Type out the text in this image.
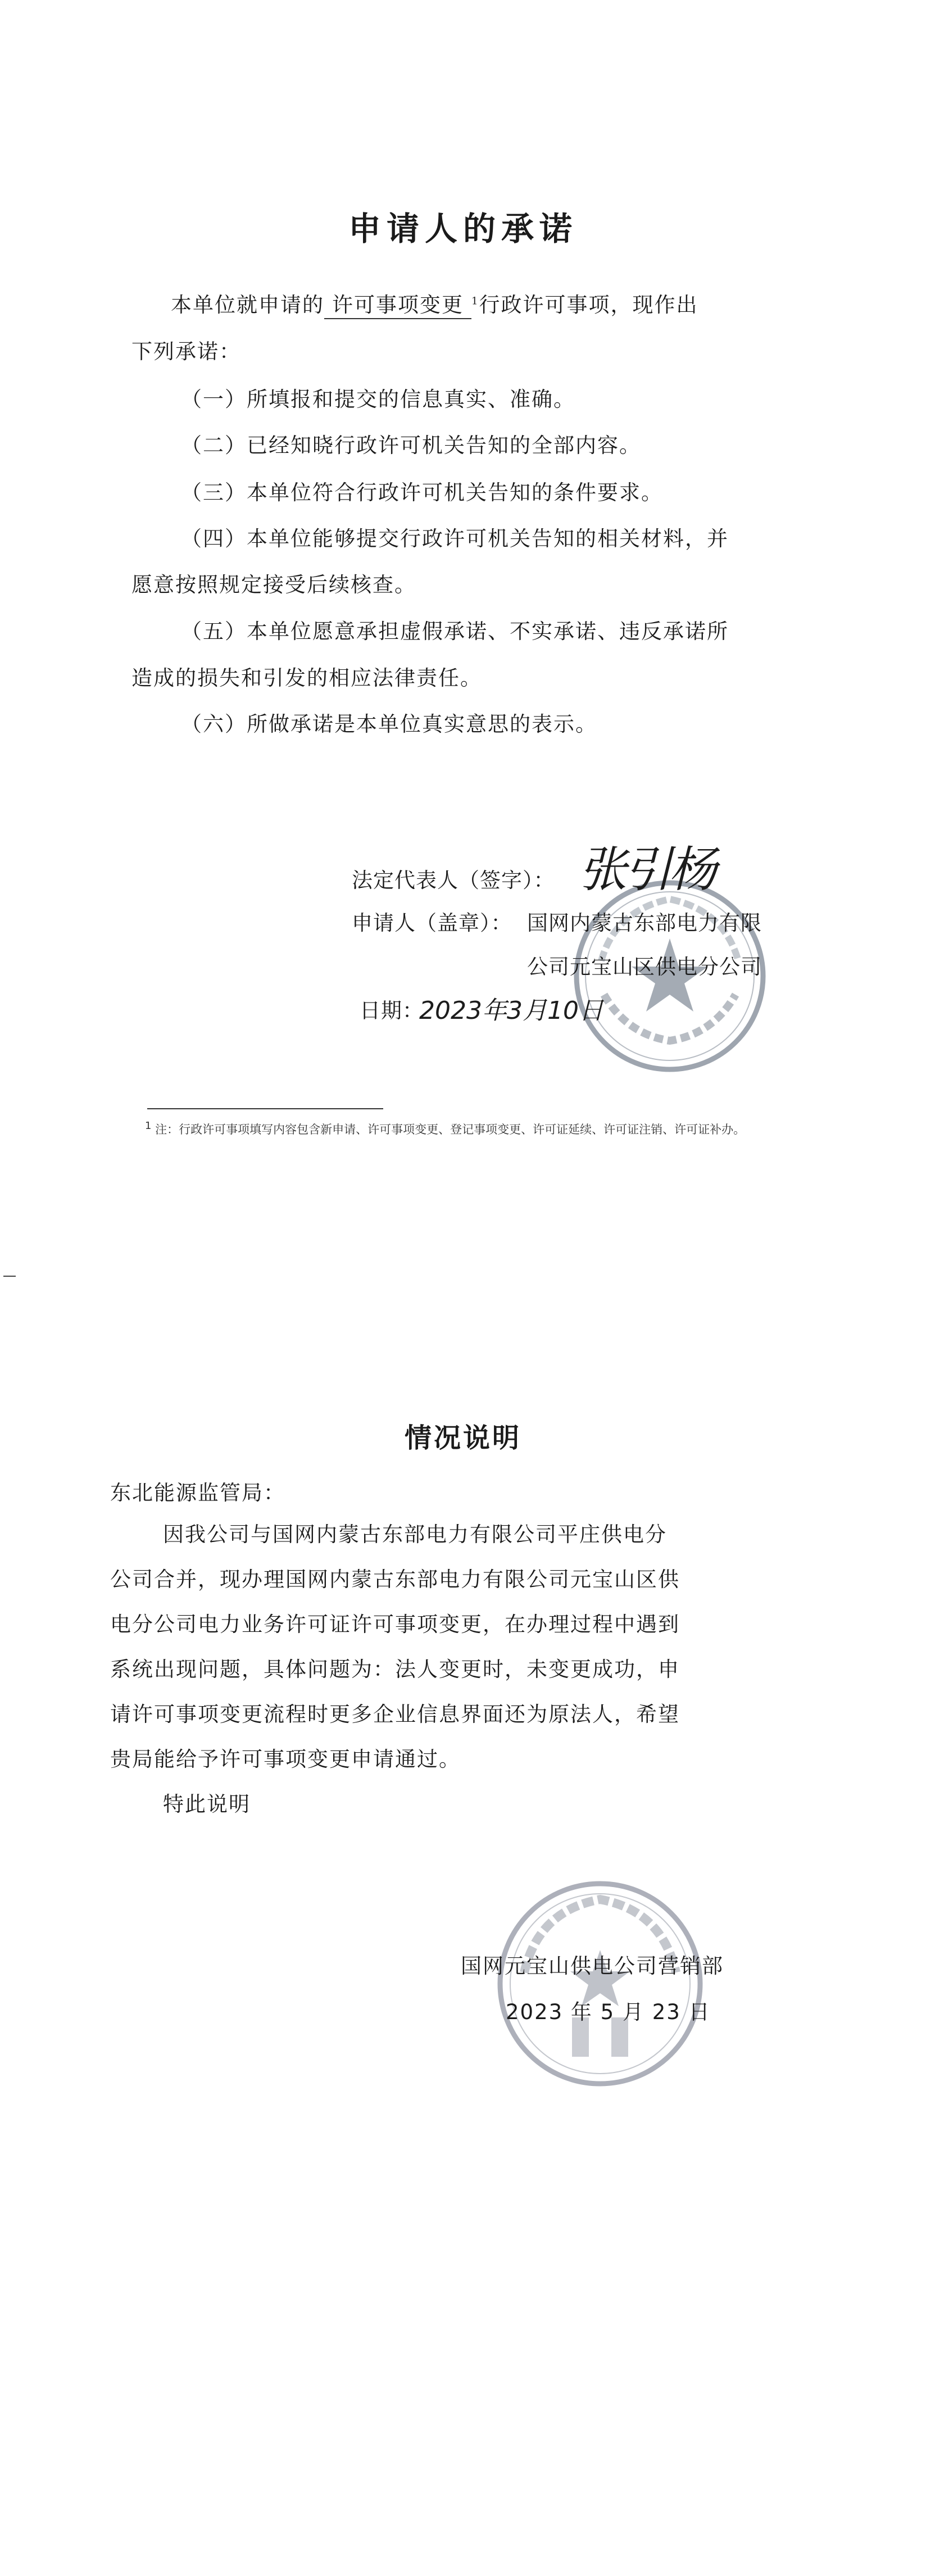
申请人的承诺
本单位就申请的 许可事项变更 $^1$行政许可事项，现作出
下列承诺：
（一）所填报和提交的信息真实、准确。
（二）已经知晓行政许可机关告知的全部内容。
（三）本单位符合行政许可机关告知的条件要求。
（四）本单位能够提交行政许可机关告知的相关材料，并
愿意按照规定接受后续核查。
（五）本单位愿意承担虚假承诺、不实承诺、违反承诺所
造成的损失和引发的相应法律责任。
（六）所做承诺是本单位真实意思的表示。
法定代表人（签字）： 张引杨
申请人（盖章）： 国网内蒙古东部电力有限
公司元宝山区供电分公司
日期：
2023年3月10日
$^1$ 注：行政许可事项填写内容包含新申请、许可事项变更、登记事项变更、许可证延续、许可证注销、许可证补办。
情况说明
东北能源监管局：
因我公司与国网内蒙古东部电力有限公司平庄供电分
公司合并，现办理国网内蒙古东部电力有限公司元宝山区供
电分公司电力业务许可证许可事项变更，在办理过程中遇到
系统出现问题，具体问题为：法人变更时，未变更成功，申
请许可事项变更流程时更多企业信息界面还为原法人，希望
贵局能给予许可事项变更申请通过。
特此说明
国网元宝山供电公司营销部
2023 年 5 月 23 日
